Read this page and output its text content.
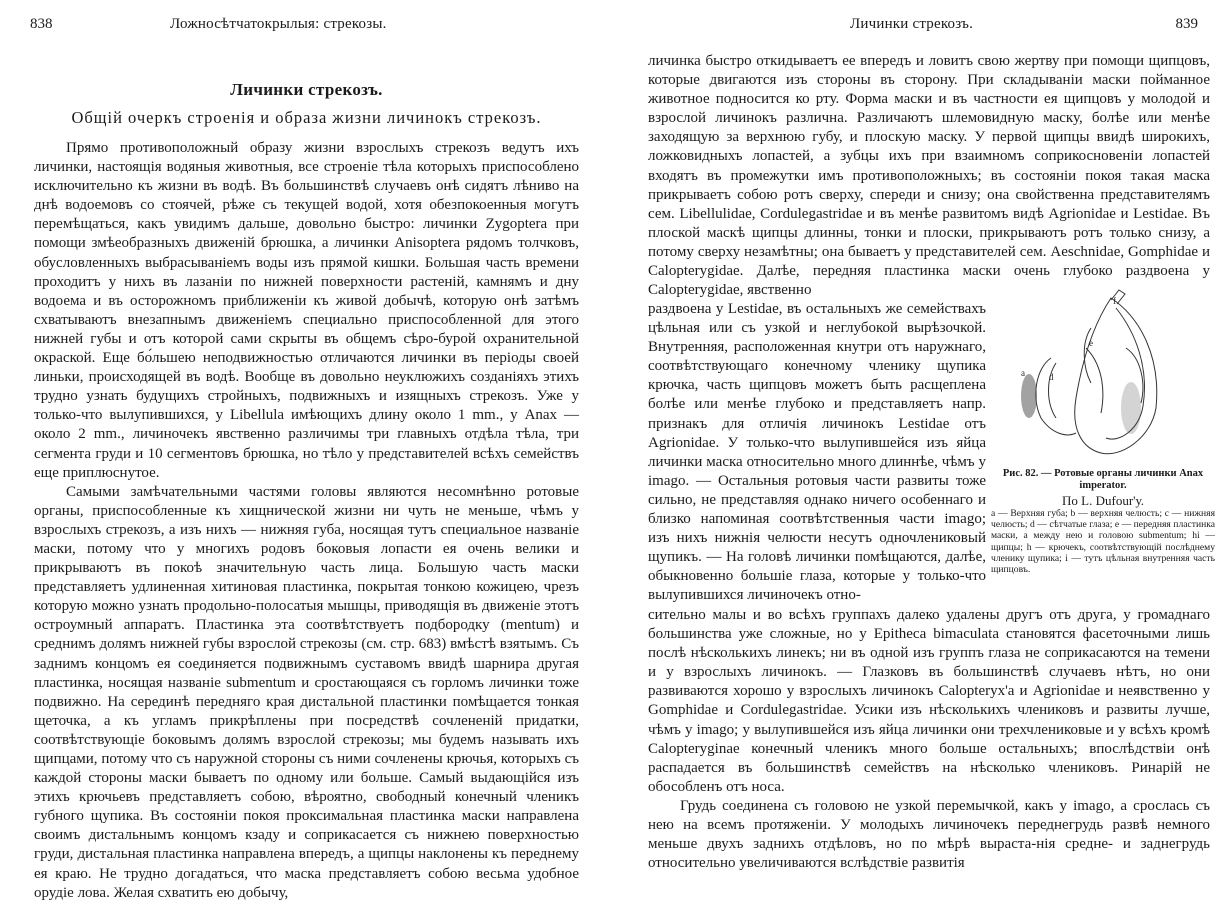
838	Ложносѣтчатокрылыя: стрекозы.
Личинки стрекозъ.
Общій очеркъ строенія и образа жизни личинокъ стрекозъ.

Прямо противоположный образу жизни взрослыхъ стрекозъ ведутъ ихъ личинки, настоящія водяныя животныя, все строеніе тѣла которыхъ приспособлено исключительно къ жизни въ водѣ. Въ большинствѣ случаевъ онѣ сидятъ лѣниво на днѣ водоемовъ со стоячей, рѣже съ текущей водой, хотя обезпокоенныя могутъ перемѣщаться, какъ увидимъ дальше, довольно быстро: личинки Zygoptera при помощи змѣеобразныхъ движеній брюшка, а личинки Anisoptera рядомъ толчковъ, обусловленныхъ выбрасываніемъ воды изъ прямой кишки. Большая часть времени проходитъ у нихъ въ лазаніи по нижней поверхности растеній, камнямъ и дну водоема и въ осторожномъ приближеніи къ живой добычѣ, которую онѣ затѣмъ схватываютъ внезапнымъ движеніемъ специально приспособленной для этого нижней губы и отъ которой сами скрыты въ общемъ сѣро-бурой охранительной окраской. Еще бо́льшею неподвижностью отличаются личинки въ періоды своей линьки, происходящей въ водѣ. Вообще въ довольно неуклюжихъ созданіяхъ этихъ трудно узнать будущихъ стройныхъ, подвижныхъ и изящныхъ стрекозъ. Уже у только-что вылупившихся, у Libellula имѣющихъ длину около 1 mm., у Anax — около 2 mm., личиночекъ явственно различимы три главныхъ отдѣла тѣла, три сегмента груди и 10 сегментовъ брюшка, но тѣло у представителей всѣхъ семействъ еще приплюснутое.

Самыми замѣчательными частями головы являются несомнѣнно ротовые органы, приспособленные къ хищнической жизни ни чуть не меньше, чѣмъ у взрослыхъ стрекозъ, а изъ нихъ — нижняя губа, носящая тутъ специальное названіе маски, потому что у многихъ родовъ боковыя лопасти ея очень велики и прикрываютъ въ покоѣ значительную часть лица. Большую часть маски представляетъ удлиненная хитиновая пластинка, покрытая тонкою кожицею, чрезъ которую можно узнать продольно-полосатыя мышцы, приводящія въ движеніе этотъ остроумный аппаратъ. Пластинка эта соотвѣтствуетъ подбородку (mentum) и среднимъ долямъ нижней губы взрослой стрекозы (см. стр. 683) вмѣстѣ взятымъ. Съ заднимъ концомъ ея соединяется подвижнымъ суставомъ ввидѣ шарнира другая пластинка, носящая названіе submentum и сростающаяся съ горломъ личинки тоже подвижно. На серединѣ передняго края дистальной пластинки помѣщается тонкая щеточка, а къ угламъ прикрѣплены при посредствѣ сочлененій придатки, соотвѣтствующіе боковымъ долямъ взрослой стрекозы; мы будемъ называть ихъ щипцами, потому что съ наружной стороны съ ними сочленены крючья, которыхъ съ каждой стороны маски бываетъ по одному или больше. Самый выдающійся изъ этихъ крючьевъ представляетъ собою, вѣроятно, свободный конечный членикъ губного щупика. Въ состояніи покоя проксимальная пластинка маски направлена своимъ дистальнымъ концомъ кзаду и соприкасается съ нижнею поверхностью груди, дистальная пластинка направлена впередъ, а щипцы наклонены къ переднему ея краю. Не трудно догадаться, что маска представляетъ собою весьма удобное орудіе лова. Желая схватить ею добычу,

Личинки стрекозъ.	839

личинка быстро откидываетъ ее впередъ и ловитъ свою жертву при помощи щипцовъ, которые двигаются изъ стороны въ сторону. При складываніи маски пойманное животное подносится ко рту. Форма маски и въ частности ея щипцовъ у молодой и взрослой личинокъ различна. Различаютъ шлемовидную маску, болѣе или менѣе заходящую за верхнюю губу, и плоскую маску. У первой щипцы ввидѣ широкихъ, ложковидныхъ лопастей, а зубцы ихъ при взаимномъ соприкосновеніи лопастей входятъ въ промежутки имъ противоположныхъ; въ состояніи покоя такая маска прикрываетъ собою ротъ сверху, спереди и снизу; она свойственна представителямъ сем. Libellulidae, Cordulegastridae и въ менѣе развитомъ видѣ Agrionidae и Lestidae. Въ плоской маскѣ щипцы длинны, тонки и плоски, прикрываютъ ротъ только снизу, а потому сверху незамѣтны; она бываетъ у представителей сем. Aeschnidae, Gomphidae и Calopterygidae. Далѣе, передняя пластинка маски очень глубоко раздвоена у Calopterygidae, явственно

раздвоена у Lestidae, въ остальныхъ же семействахъ цѣльная или съ узкой и неглубокой вырѣзочкой. Внутренняя, расположенная кнутри отъ наружнаго, соотвѣтствующаго конечному членику щупика крючка, часть щипцовъ можетъ быть расщеплена болѣе или менѣе глубоко и представляетъ напр. признакъ для отличія личинокъ Lestidae отъ Agrionidae. У только-что вылупившейся изъ яйца личинки маска относительно много длиннѣе, чѣмъ у imago. — Остальныя ротовыя части развиты тоже сильно, не представляя однако ничего особеннаго и близко напоминая соотвѣтственныя части imago; изъ нихъ нижнія челюсти несутъ одночлениковый щупикъ. — На головѣ личинки помѣщаются, далѣе, обыкновенно большіе глаза, которые у только-что вылупившихся личиночекъ отно-

f
a	d
e
Рис. 82. — Ротовые органы личинки Anax imperator.
По L. Dufour'у.
a — Верхняя губа; b — верхняя челюсть; c — нижняя челюсть; d — сѣтчатые глаза; e — передняя пластинка маски, а между нею и головою submentum; hi — щипцы; h — крючекъ, соотвѣтствующій послѣднему членику щупика; i — тутъ цѣльная внутренняя часть щипцовъ.

сительно малы и во всѣхъ группахъ далеко удалены другъ отъ друга, у громаднаго большинства уже сложные, но у Epitheca bimaculata становятся фасеточными лишь послѣ нѣсколькихъ линекъ; ни въ одной изъ группъ глаза не соприкасаются на темени и у взрослыхъ личинокъ. — Глазковъ въ большинствѣ случаевъ нѣтъ, но они развиваются хорошо у взрослыхъ личинокъ Calopteryx'a и Agrionidae и неявственно у Gomphidae и Cordulegastridae. Усики изъ нѣсколькихъ члениковъ и развиты лучше, чѣмъ у imago; у вылупившейся изъ яйца личинки они трехчлениковые и у всѣхъ кромѣ Calopteryginae конечный членикъ много больше остальныхъ; впослѣдствіи онѣ распадается въ большинствѣ семействъ на нѣсколько члениковъ. Ринарій не обособленъ отъ носа.

Грудь соединена съ головою не узкой перемычкой, какъ у imago, а срослась съ нею на всемъ протяженіи. У молодыхъ личиночекъ переднегрудь развѣ немного меньше двухъ заднихъ отдѣловъ, но по мѣрѣ выраста-нія средне- и заднегрудь относительно увеличиваются вслѣдствіе развитія
